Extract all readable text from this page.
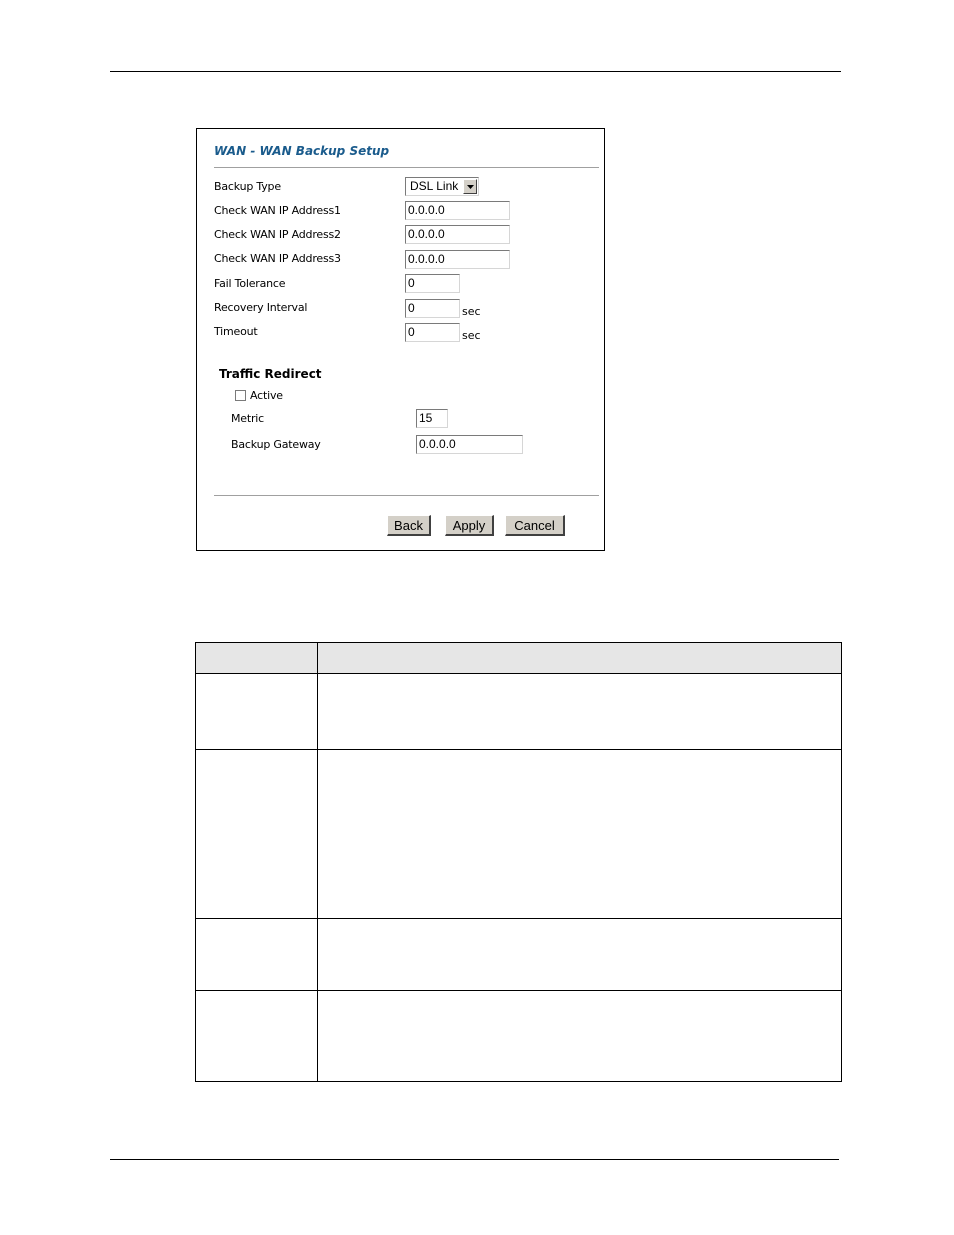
WAN - WAN Backup Setup
Backup Type	DSL Link
Check WAN IP Address1	0.0.0.0
Check WAN IP Address2	0.0.0.0
Check WAN IP Address3	0.0.0.0
Fail Tolerance	0
Recovery Interval	0	sec
Timeout	0	sec
Traffic Redirect
Active
Metric	15
Backup Gateway	0.0.0.0
Back	Apply	Cancel
